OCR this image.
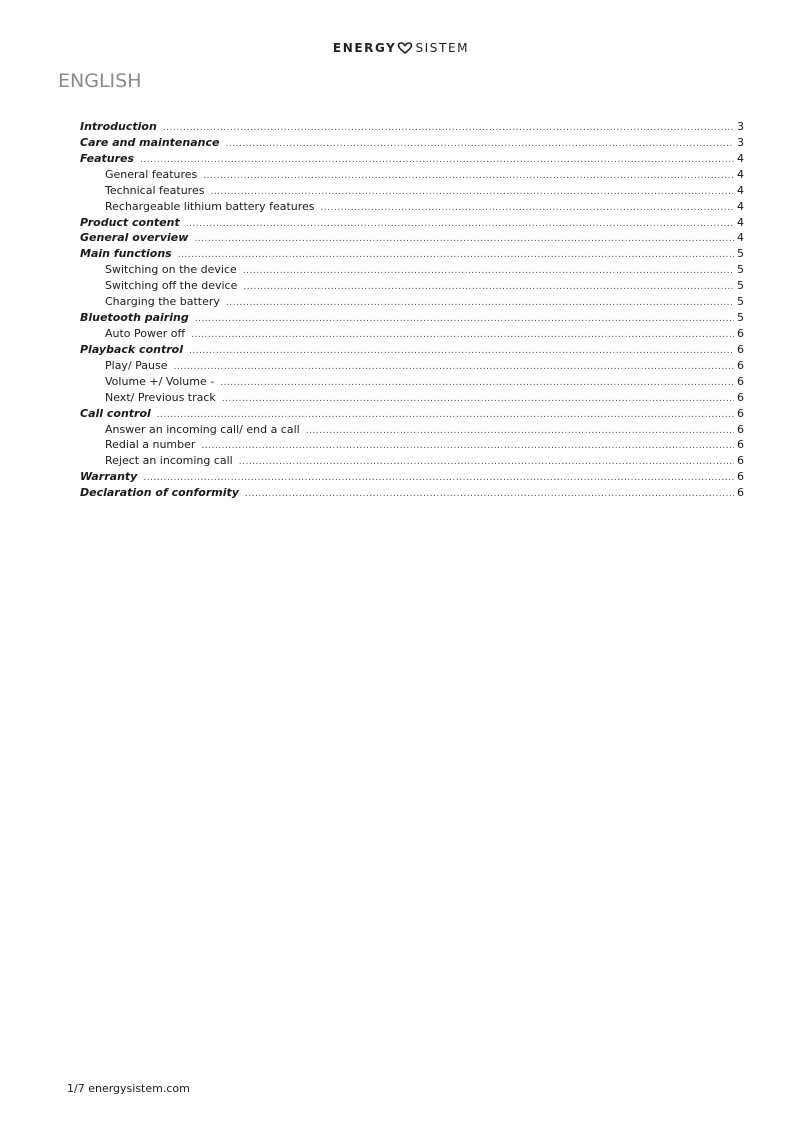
ENERGY SISTEM
ENGLISH
Introduction .....	3
Care and maintenance .....	3
Features .....	4
General features .....	4
Technical features .....	4
Rechargeable lithium battery features .....	4
Product content .....	4
General overview .....	4
Main functions .....	5
Switching on the device .....	5
Switching off the device .....	5
Charging the battery .....	5
Bluetooth pairing .....	5
Auto Power off .....	6
Playback control .....	6
Play/ Pause .....	6
Volume +/ Volume - .....	6
Next/ Previous track .....	6
Call control .....	6
Answer an incoming call/ end a call .....	6
Redial a number .....	6
Reject an incoming call .....	6
Warranty .....	6
Declaration of conformity .....	6
1/7 energysistem.com
